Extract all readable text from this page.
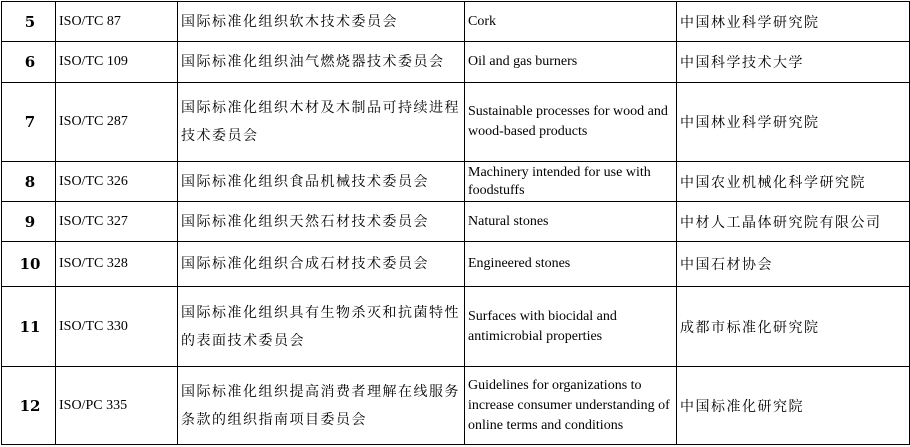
5	ISO/TC 87	国际标准化组织软木技术委员会	Cork	中国林业科学研究院
6	ISO/TC 109	国际标准化组织油气燃烧器技术委员会	Oil and gas burners	中国科学技术大学
7	ISO/TC 287	国际标准化组织木材及木制品可持续进程技术委员会	Sustainable processes for wood and wood-based products	中国林业科学研究院
8	ISO/TC 326	国际标准化组织食品机械技术委员会	Machinery intended for use with foodstuffs	中国农业机械化科学研究院
9	ISO/TC 327	国际标准化组织天然石材技术委员会	Natural stones	中材人工晶体研究院有限公司
10	ISO/TC 328	国际标准化组织合成石材技术委员会	Engineered stones	中国石材协会
11	ISO/TC 330	国际标准化组织具有生物杀灭和抗菌特性的表面技术委员会	Surfaces with biocidal and antimicrobial properties	成都市标准化研究院
12	ISO/PC 335	国际标准化组织提高消费者理解在线服务条款的组织指南项目委员会	Guidelines for organizations to increase consumer understanding of online terms and conditions	中国标准化研究院
